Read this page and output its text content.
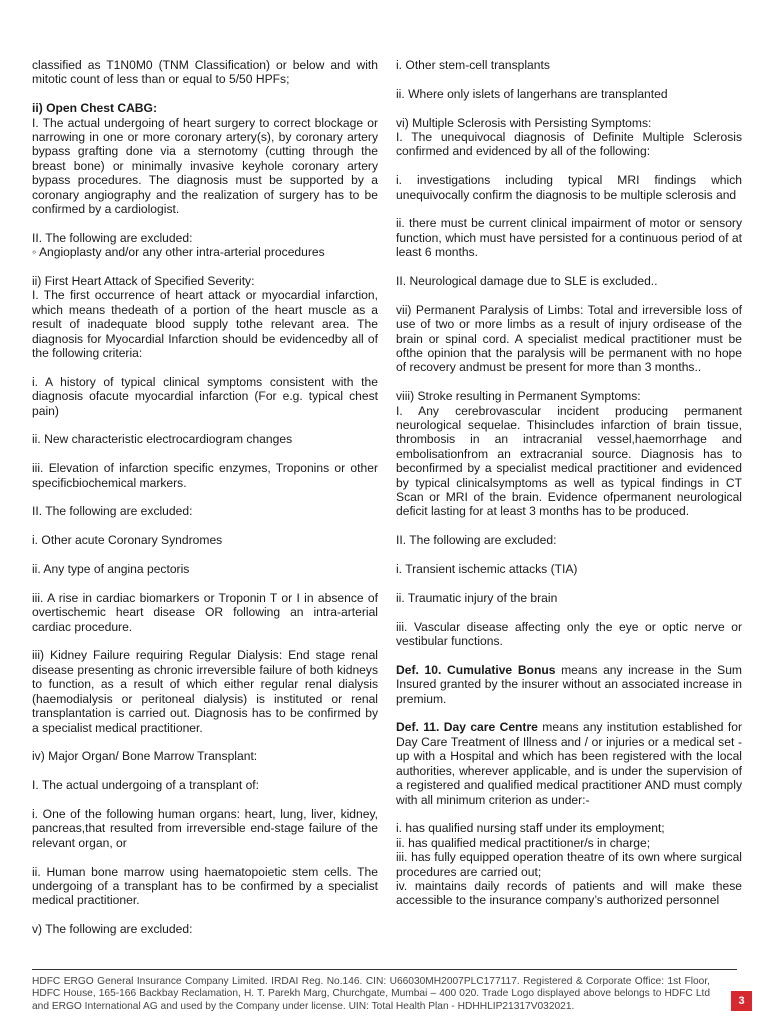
classified as T1N0M0 (TNM Classification) or below and with mitotic count of less than or equal to 5/50 HPFs;

ii) Open Chest CABG:
I. The actual undergoing of heart surgery to correct blockage or narrowing in one or more coronary artery(s), by coronary artery bypass grafting done via a sternotomy (cutting through the breast bone) or minimally invasive keyhole coronary artery bypass procedures. The diagnosis must be supported by a coronary angiography and the realization of surgery has to be confirmed by a cardiologist.
II. The following are excluded:
◦ Angioplasty and/or any other intra-arterial procedures
ii) First Heart Attack of Specified Severity:
I. The first occurrence of heart attack or myocardial infarction, which means thedeath of a portion of the heart muscle as a result of inadequate blood supply tothe relevant area. The diagnosis for Myocardial Infarction should be evidencedby all of the following criteria:

i. A history of typical clinical symptoms consistent with the diagnosis ofacute myocardial infarction (For e.g. typical chest pain)

ii. New characteristic electrocardiogram changes

iii. Elevation of infarction specific enzymes, Troponins or other specificbiochemical markers.

II. The following are excluded:

i. Other acute Coronary Syndromes

ii. Any type of angina pectoris

iii. A rise in cardiac biomarkers or Troponin T or I in absence of overtischemic heart disease OR following an intra-arterial cardiac procedure.

iii) Kidney Failure requiring Regular Dialysis: End stage renal disease presenting as chronic irreversible failure of both kidneys to function, as a result of which either regular renal dialysis (haemodialysis or peritoneal dialysis) is instituted or renal transplantation is carried out. Diagnosis has to be confirmed by a specialist medical practitioner.

iv) Major Organ/ Bone Marrow Transplant:

I. The actual undergoing of a transplant of:

i. One of the following human organs: heart, lung, liver, kidney, pancreas,that resulted from irreversible end-stage failure of the relevant organ, or

ii. Human bone marrow using haematopoietic stem cells. The undergoing of a transplant has to be confirmed by a specialist medical practitioner.

v) The following are excluded:

i. Other stem-cell transplants

ii. Where only islets of langerhans are transplanted

vi) Multiple Sclerosis with Persisting Symptoms:
I. The unequivocal diagnosis of Definite Multiple Sclerosis confirmed and evidenced by all of the following:

i. investigations including typical MRI findings which unequivocally confirm the diagnosis to be multiple sclerosis and

ii. there must be current clinical impairment of motor or sensory function, which must have persisted for a continuous period of at least 6 months.

II. Neurological damage due to SLE is excluded..

vii) Permanent Paralysis of Limbs: Total and irreversible loss of use of two or more limbs as a result of injury ordisease of the brain or spinal cord. A specialist medical practitioner must be ofthe opinion that the paralysis will be permanent with no hope of recovery andmust be present for more than 3 months..

viii) Stroke resulting in Permanent Symptoms:
I. Any cerebrovascular incident producing permanent neurological sequelae. Thisincludes infarction of brain tissue, thrombosis in an intracranial vessel,haemorrhage and embolisationfrom an extracranial source. Diagnosis has to beconfirmed by a specialist medical practitioner and evidenced by typical clinicalsymptoms as well as typical findings in CT Scan or MRI of the brain. Evidence ofpermanent neurological deficit lasting for at least 3 months has to be produced.

II. The following are excluded:

i. Transient ischemic attacks (TIA)

ii. Traumatic injury of the brain

iii. Vascular disease affecting only the eye or optic nerve or vestibular functions.

Def. 10. Cumulative Bonus means any increase in the Sum Insured granted by the insurer without an associated increase in premium.

Def. 11. Day care Centre means any institution established for Day Care Treatment of Illness and / or injuries or a medical set -up with a Hospital and which has been registered with the local authorities, wherever applicable, and is under the supervision of a registered and qualified medical practitioner AND must comply with all minimum criterion as under:-

i. has qualified nursing staff under its employment;

ii. has qualified medical practitioner/s in charge;

iii. has fully equipped operation theatre of its own where surgical procedures are carried out;

iv. maintains daily records of patients and will make these accessible to the insurance company’s authorized personnel

HDFC ERGO General Insurance Company Limited. IRDAI Reg. No.146. CIN: U66030MH2007PLC177117. Registered & Corporate Office: 1st Floor, HDFC House, 165-166 Backbay Reclamation, H. T. Parekh Marg, Churchgate, Mumbai – 400 020. Trade Logo displayed above belongs to HDFC Ltd and ERGO International AG and used by the Company under license. UIN: Total Health Plan - HDHHLIP21317V032021.	3
